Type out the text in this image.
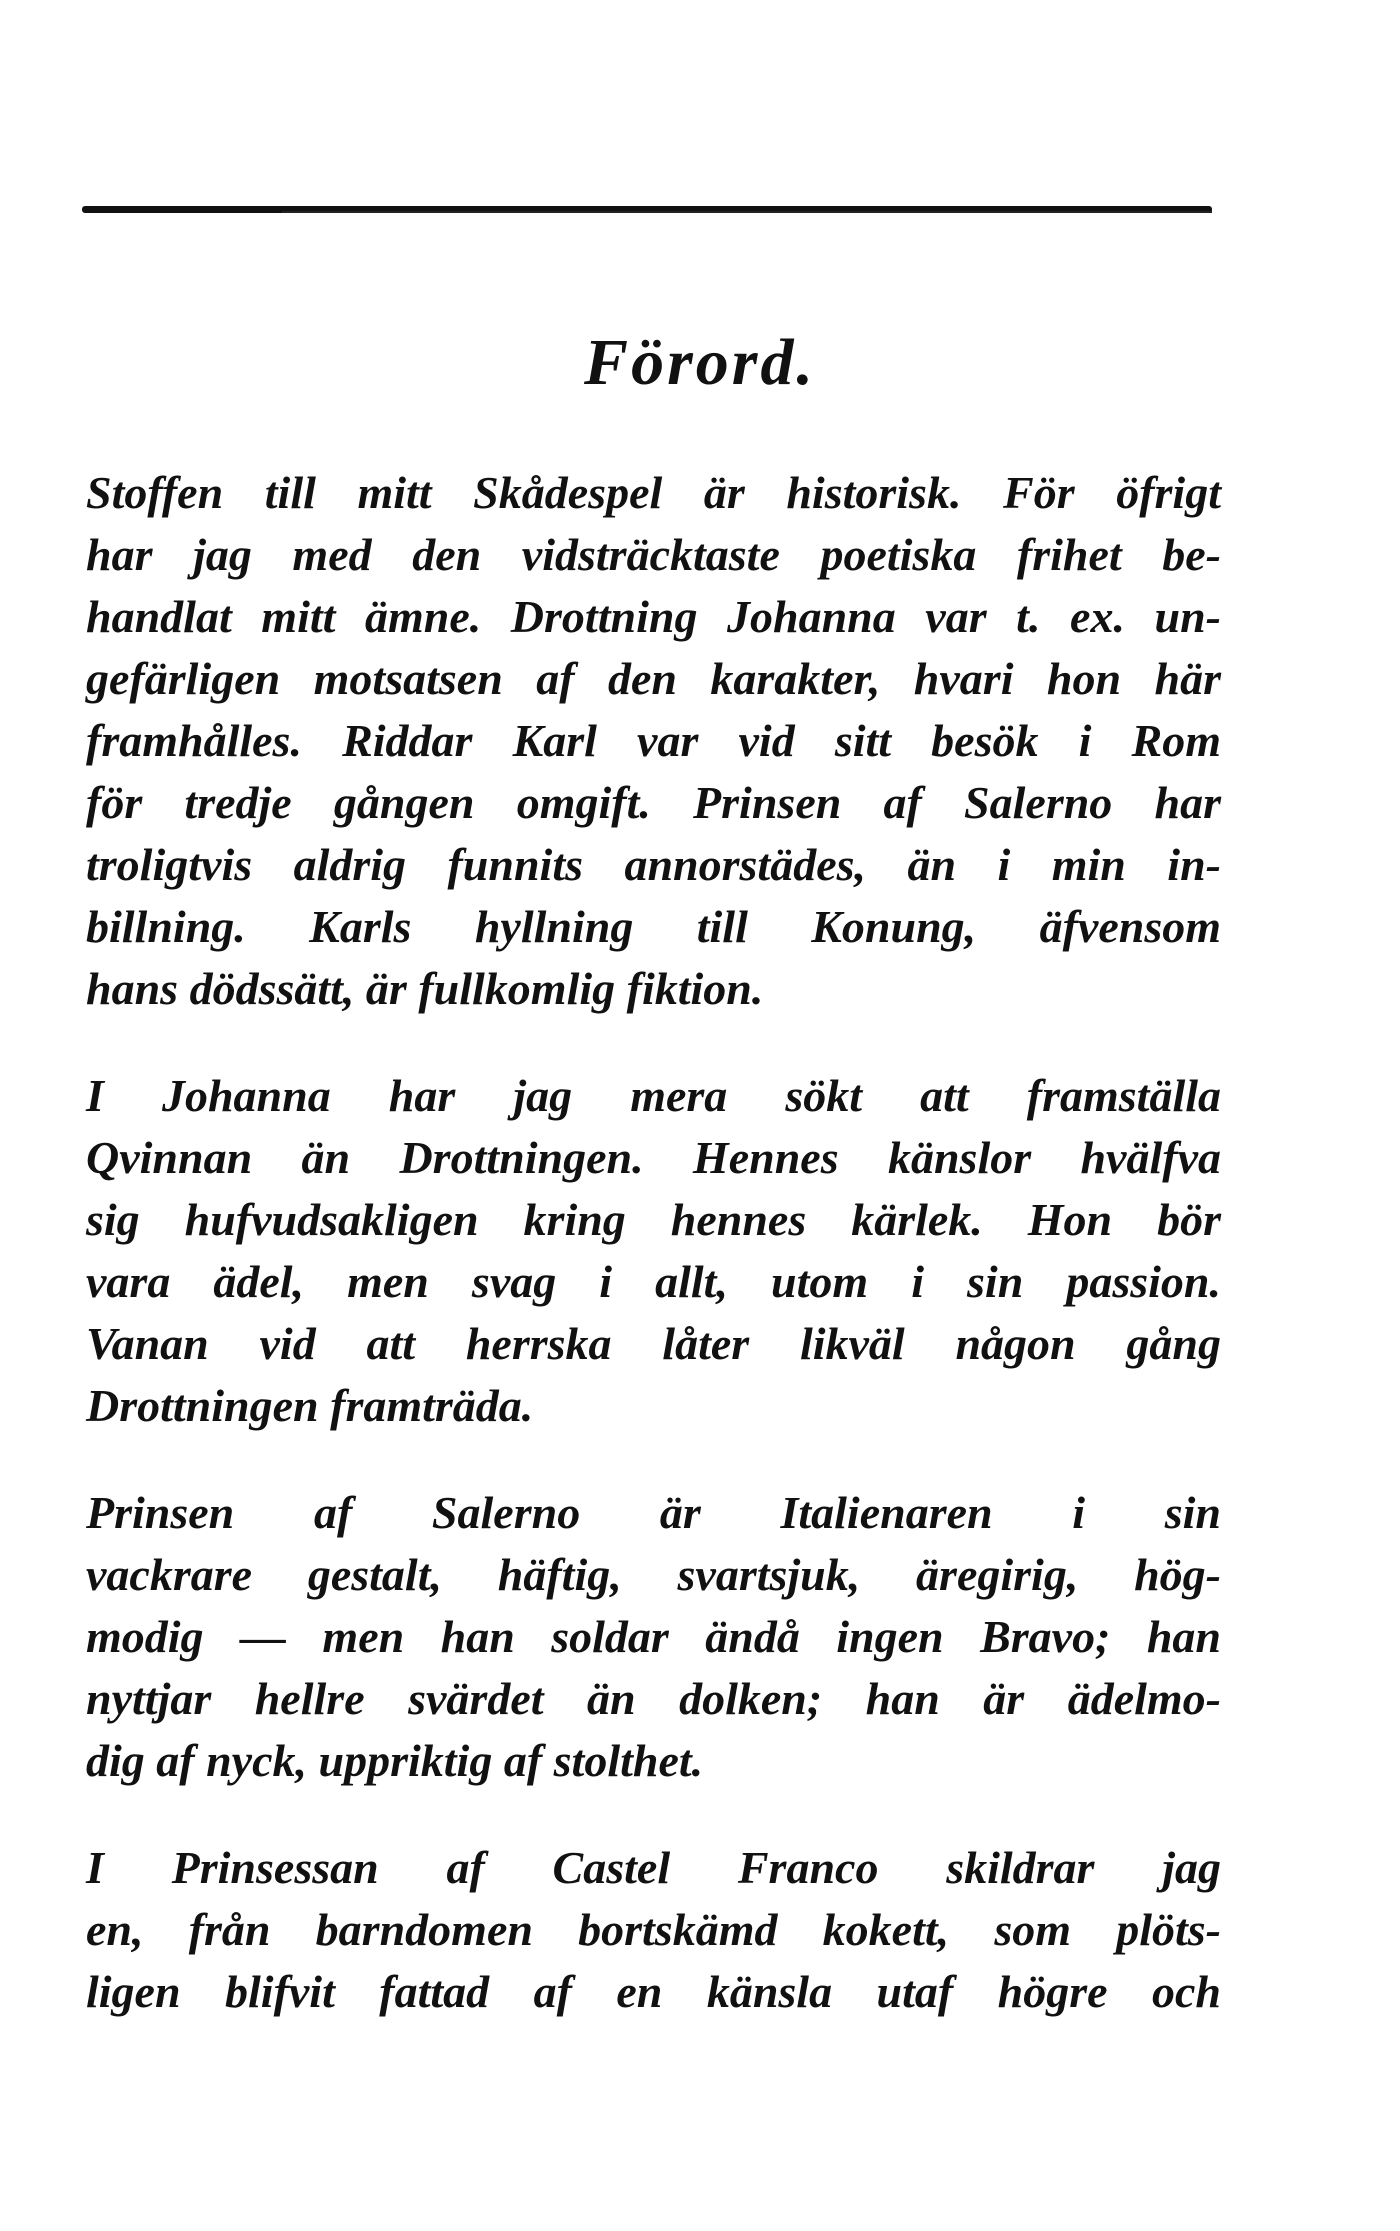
Förord.
Stoffen till mitt Skådespel är historisk. För öfrigt
har jag med den vidsträcktaste poetiska frihet be-
handlat mitt ämne. Drottning Johanna var t. ex. un-
gefärligen motsatsen af den karakter, hvari hon här
framhålles. Riddar Karl var vid sitt besök i Rom
för tredje gången omgift. Prinsen af Salerno har
troligtvis aldrig funnits annorstädes, än i min in-
billning. Karls hyllning till Konung, äfvensom
hans dödssätt, är fullkomlig fiktion.
I Johanna har jag mera sökt att framställa
Qvinnan än Drottningen. Hennes känslor hvälfva
sig hufvudsakligen kring hennes kärlek. Hon bör
vara ädel, men svag i allt, utom i sin passion.
Vanan vid att herrska låter likväl någon gång
Drottningen framträda.
Prinsen af Salerno är Italienaren i sin
vackrare gestalt, häftig, svartsjuk, äregirig, hög-
modig — men han soldar ändå ingen Bravo; han
nyttjar hellre svärdet än dolken; han är ädelmo-
dig af nyck, uppriktig af stolthet.
I Prinsessan af Castel Franco skildrar jag
en, från barndomen bortskämd kokett, som plöts-
ligen blifvit fattad af en känsla utaf högre och
